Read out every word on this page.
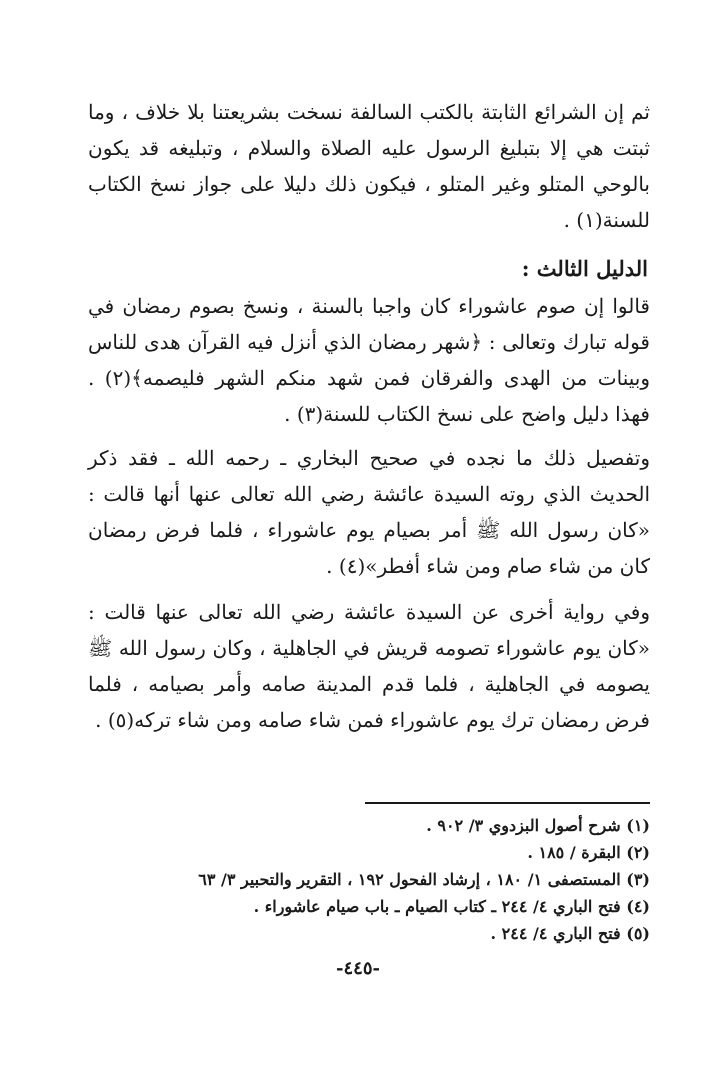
ثم إن الشرائع الثابتة بالكتب السالفة نسخت بشريعتنا بلا خلاف ، وما ثبتت هي إلا بتبليغ الرسول عليه الصلاة والسلام ، وتبليغه قد يكون بالوحي المتلو وغير المتلو ، فيكون ذلك دليلا على جواز نسخ الكتاب للسنة(١) .

الدليل الثالث :

قالوا إن صوم عاشوراء كان واجبا بالسنة ، ونسخ بصوم رمضان في قوله تبارك وتعالى : ﴿شهر رمضان الذي أنزل فيه القرآن هدى للناس وبينات من الهدى والفرقان فمن شهد منكم الشهر فليصمه﴾(٢) . فهذا دليل واضح على نسخ الكتاب للسنة(٣) .

وتفصيل ذلك ما نجده في صحيح البخاري ـ رحمه الله ـ فقد ذكر الحديث الذي روته السيدة عائشة رضي الله تعالى عنها أنها قالت : «كان رسول الله ﷺ أمر بصيام يوم عاشوراء ، فلما فرض رمضان كان من شاء صام ومن شاء أفطر»(٤) .

وفي رواية أخرى عن السيدة عائشة رضي الله تعالى عنها قالت : «كان يوم عاشوراء تصومه قريش في الجاهلية ، وكان رسول الله ﷺ يصومه في الجاهلية ، فلما قدم المدينة صامه وأمر بصيامه ، فلما فرض رمضان ترك يوم عاشوراء فمن شاء صامه ومن شاء تركه(٥) .

(١) شرح أصول البزدوي ٣/ ٩٠٢ .
(٢) البقرة / ١٨٥ .
(٣) المستصفى ١/ ١٨٠ ، إرشاد الفحول ١٩٢ ، التقرير والتحبير ٣/ ٦٣
(٤) فتح الباري ٤/ ٢٤٤ ـ كتاب الصيام ـ باب صيام عاشوراء .
(٥) فتح الباري ٤/ ٢٤٤ .
-٤٤٥-
